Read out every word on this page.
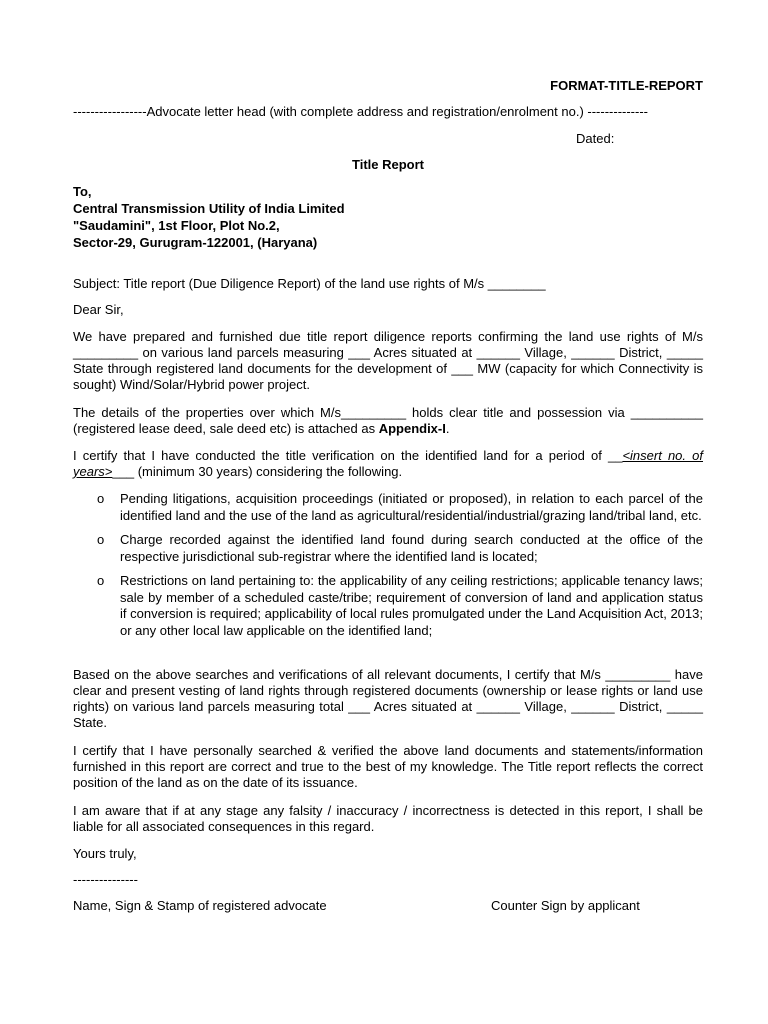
FORMAT-TITLE-REPORT

-----------------Advocate letter head (with complete address and registration/enrolment no.) --------------

Dated:

Title Report

To,

Central Transmission Utility of India Limited

"Saudamini", 1st Floor, Plot No.2,

Sector-29, Gurugram-122001, (Haryana)

Subject: Title report (Due Diligence Report) of the land use rights of M/s ________

Dear Sir,

We have prepared and furnished due title report diligence reports confirming the land use rights of M/s _________ on various land parcels measuring ___ Acres situated at ______ Village, ______ District, _____ State through registered land documents for the development of ___ MW (capacity for which Connectivity is sought) Wind/Solar/Hybrid power project.

The details of the properties over which M/s_________ holds clear title and possession via __________ (registered lease deed, sale deed etc) is attached as Appendix-I.

I certify that I have conducted the title verification on the identified land for a period of __<insert no. of years>___ (minimum 30 years) considering the following.

o Pending litigations, acquisition proceedings (initiated or proposed), in relation to each parcel of the identified land and the use of the land as agricultural/residential/industrial/grazing land/tribal land, etc.
o Charge recorded against the identified land found during search conducted at the office of the respective jurisdictional sub-registrar where the identified land is located;
o Restrictions on land pertaining to: the applicability of any ceiling restrictions; applicable tenancy laws; sale by member of a scheduled caste/tribe; requirement of conversion of land and application status if conversion is required; applicability of local rules promulgated under the Land Acquisition Act, 2013; or any other local law applicable on the identified land;

Based on the above searches and verifications of all relevant documents, I certify that M/s _________ have clear and present vesting of land rights through registered documents (ownership or lease rights or land use rights) on various land parcels measuring total ___ Acres situated at ______ Village, ______ District, _____ State.

I certify that I have personally searched & verified the above land documents and statements/information furnished in this report are correct and true to the best of my knowledge. The Title report reflects the correct position of the land as on the date of its issuance.

I am aware that if at any stage any falsity / inaccuracy / incorrectness is detected in this report, I shall be liable for all associated consequences in this regard.

Yours truly,

---------------

Name, Sign & Stamp of registered advocate	Counter Sign by applicant
